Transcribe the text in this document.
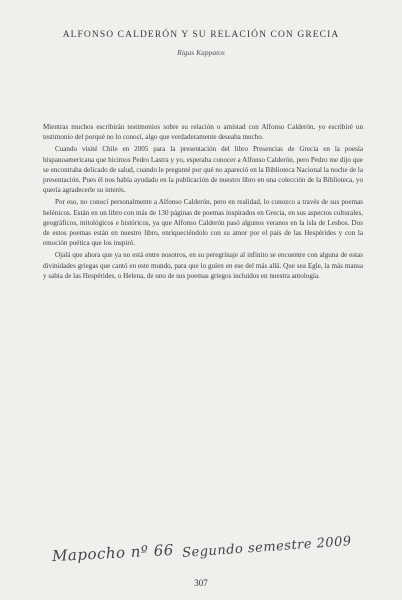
ALFONSO CALDERÓN Y SU RELACIÓN CON GRECIA
Rigas Kappatos

Mientras muchos escribirán testimonios sobre su relación o amistad con Alfonso Calderón, yo escribiré un testimonio del porqué no lo conocí, algo que verdaderamente deseaba mucho.

Cuando visité Chile en 2005 para la presentación del libro Presencias de Grecia en la poesía hispanoamericana que hicimos Pedro Lastra y yo, esperaba conocer a Alfonso Calderón, pero Pedro me dijo que se encontraba delicado de salud, cuando le pregunté por qué no apareció en la Biblioteca Nacional la noche de la presentación. Pues él nos había ayudado en la publicación de nuestro libro en una colección de la Biblioteca, yo quería agradecerle su interés.

Por eso, no conocí personalmente a Alfonso Calderón, pero en realidad, lo conozco a través de sus poemas helénicos. Están en un libro con más de 130 páginas de poemas inspirados en Grecia, en sus aspectos culturales, geográficos, mitológicos e históricos, ya que Alfonso Calderón pasó algunos veranos en la isla de Lesbos. Dos de estos poemas están en nuestro libro, enriqueciéndolo con su amor por el país de las Hespérides y con la emoción poética que los inspiró.

Ojalá que ahora que ya no está entre nosotros, en su peregrinaje al infinito se encuentre con alguna de estas divinidades griegas que cantó en este mundo, para que lo guíen en ese del más allá. Que sea Egle, la más mansa y sabia de las Hespérides, o Helena, de uno de sus poemas griegos incluidos en nuestra antología.

Mapocho nº 66 Segundo semestre 2009
307
